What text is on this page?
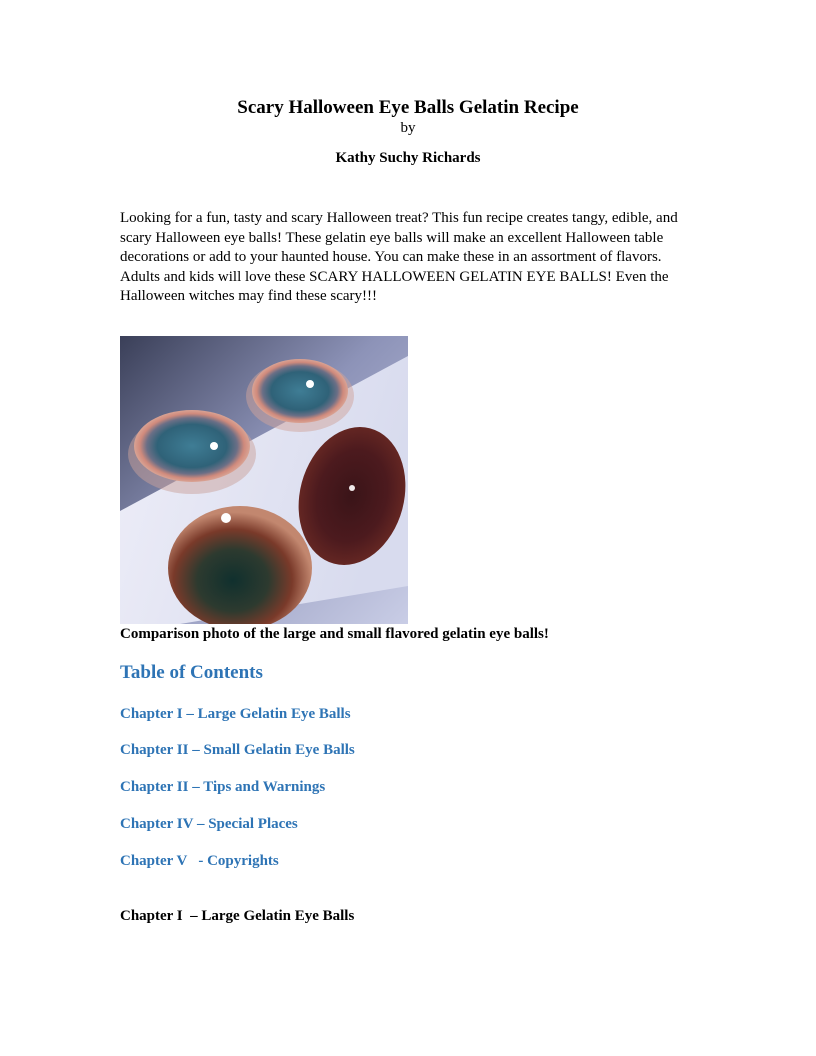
Scary Halloween Eye Balls Gelatin Recipe
by
Kathy Suchy Richards

Looking for a fun, tasty and scary Halloween treat? This fun recipe creates tangy, edible, and scary Halloween eye balls! These gelatin eye balls will make an excellent Halloween table decorations or add to your haunted house. You can make these in an assortment of flavors. Adults and kids will love these SCARY HALLOWEEN GELATIN EYE BALLS! Even the Halloween witches may find these scary!!!

Comparison photo of the large and small flavored gelatin eye balls!
Table of Contents
Chapter I – Large Gelatin Eye Balls
Chapter II – Small Gelatin Eye Balls
Chapter II – Tips and Warnings
Chapter IV – Special Places
Chapter V   - Copyrights
Chapter I  – Large Gelatin Eye Balls
